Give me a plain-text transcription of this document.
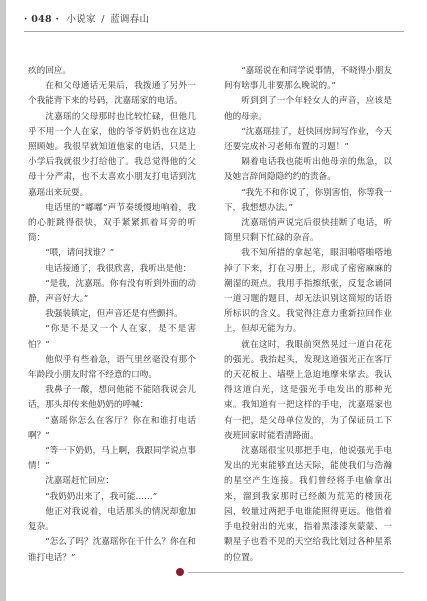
· 048 · 小说家 / 蓝调春山

疚的回应。

在和父母通话无果后，我拨通了另外一个我能背下来的号码，沈嘉瑶家的电话。

沈嘉瑶的父母那时也比较忙碌，但他几乎不用一个人在家，他的爷爷奶奶也在这边照顾她。我很早就知道他家的电话，只是上小学后我就很少打给他了。我总觉得他的父母十分严肃，也不太喜欢小朋友打电话到沈嘉瑶出来玩耍。

电话里的“嘟嘟”声节奏缓慢地响着，我的心脏跳得很快，双手紧紧抓着耳旁的听筒：

“喂，请问找谁？”

电话接通了，我很欣喜，我听出是他：

“是我，沈嘉瑶。你有没有听到外面的动静，声音好大。”

我强装镇定，但声音还是有些颤抖。

“你是不是又一个人在家，是不是害怕？”

他似乎有些着急，语气里丝毫没有那个年龄段小朋友时常不经意的口吻。

我鼻子一酸，想问他能不能陪我说会儿话，那头却传来他奶奶的呼喊：

“嘉瑶你怎么在客厅？你在和谁打电话啊？”

“等一下奶奶，马上啊，我跟同学说点事情！”

沈嘉瑶赶忙回应：

“我奶奶出来了，我可能……”

他正对我说着，电话那头的情况却愈加复杂。

“怎么了吗？沈嘉瑶你在干什么？你在和谁打电话？”

“嘉瑶说在和同学说事情，不晓得小朋友间有啥事儿非要那么晚说的。”

听到到了一个年轻女人的声音，应该是他的母亲。

“沈嘉瑶挂了，赶快回房间写作业，今天还要完成补习老师布置的习题！”

隔着电话我也能听出他母亲的焦急，以及她言辞间隐隐约约的责备。

“我先不和你说了，你别害怕，你等我一下，我想想办法。”

沈嘉瑶悄声说完后很快挂断了电话，听筒里只剩下忙碌的杂音。

我不知所措的拿起笔，眼泪啪嗒啪嗒地掉了下来，打在习册上，形成了密密麻麻的潮湿的斑点。我用手指擦纸张，反复念诵同一道习题的题目，却无法识别这简短的话语所标识的含义。我觉得注意力重新拉回作业上，但却无能为力。

就在这时，我眼前突然晃过一道白花花的强光。我抬起头，发现这道强光正在客厅的天花板上、墙壁上急迫地摩来挲去。我认得这道白光，这是强光手电发出的那种光束。我知道有一把这样的手电，沈嘉瑶家也有一把，是父母单位发的，为了保证员工下夜班回家时能看清路面。

沈嘉瑶很宝贝那把手电，他说强光手电发出的光束能够直达天际，能使我们与浩瀚的星空产生连接。我们曾经将手电偷拿出来，溜到我家那时已经颇为荒芜的楼顶花园，较量过两把手电谁能照得更远。他借着手电投射出的光束，指着黑漆漆灰蒙蒙、一颗星子也看不见的天空给我比划过各种星系的位置。
